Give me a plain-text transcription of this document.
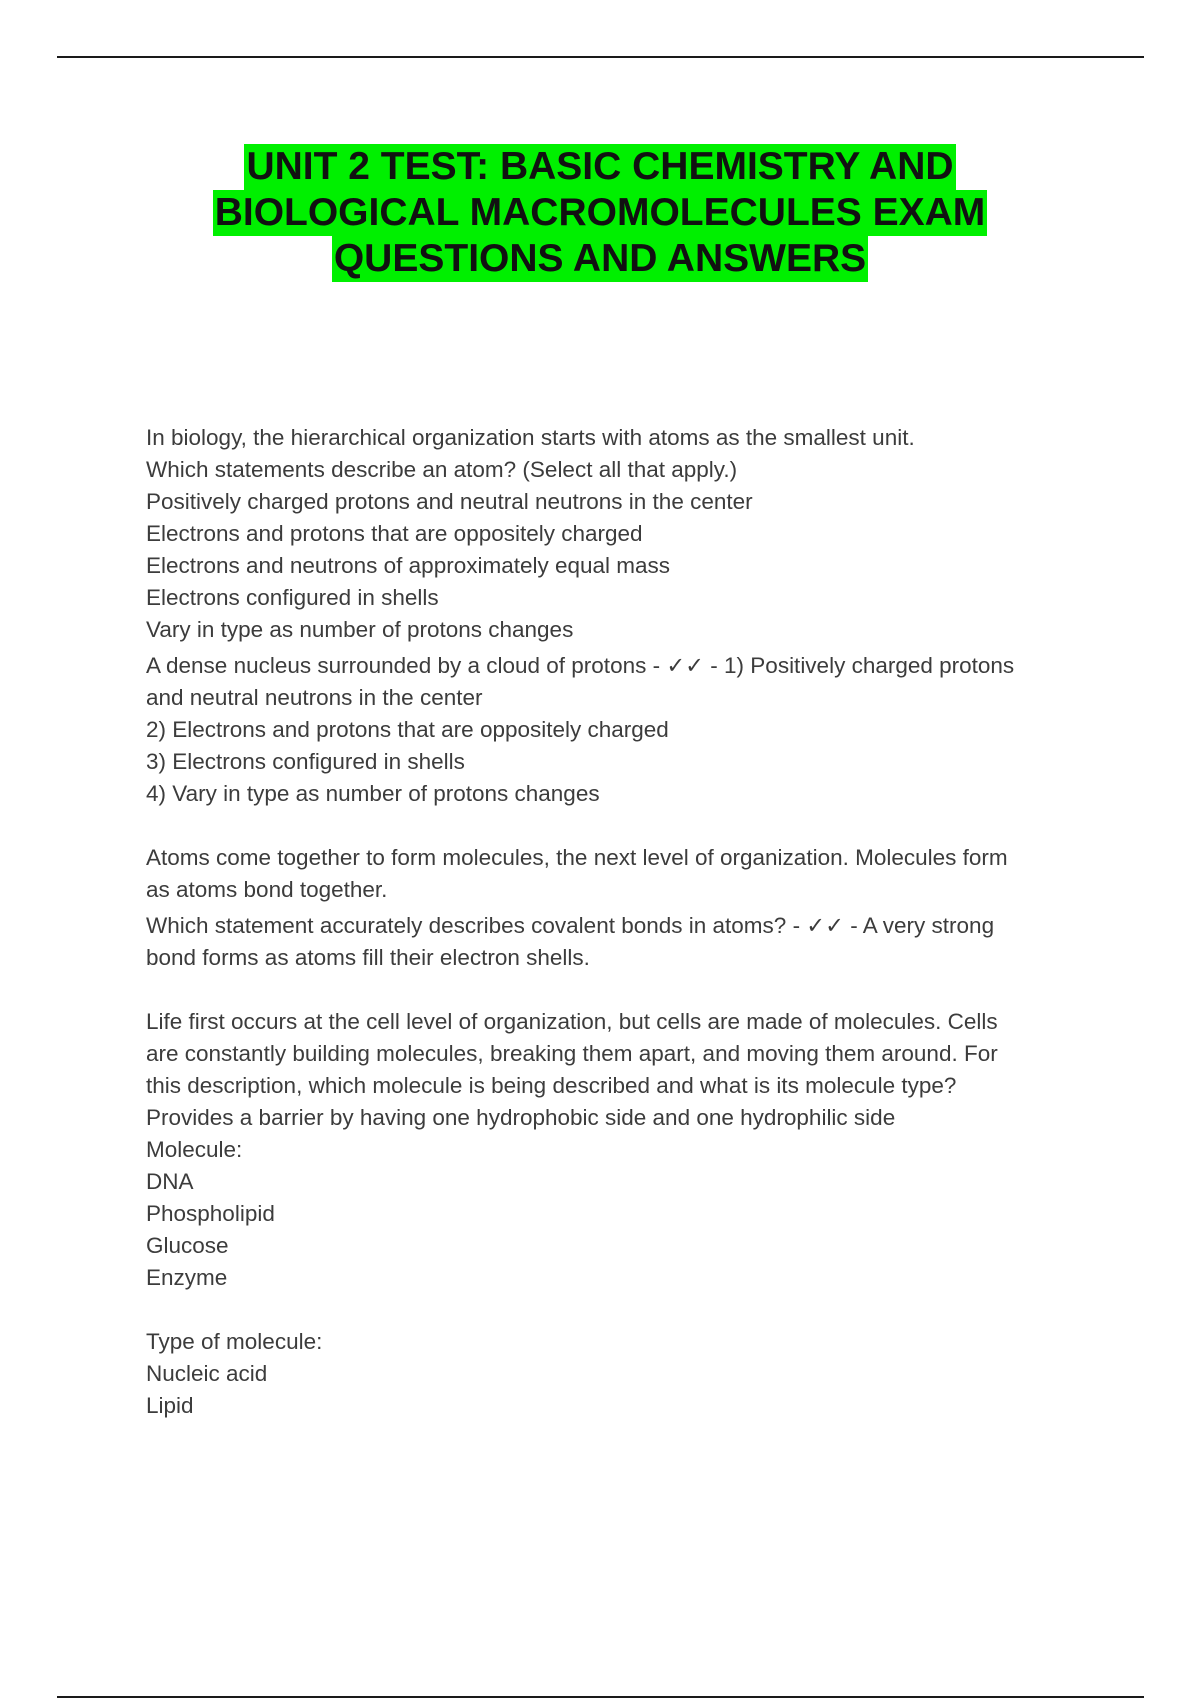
UNIT 2 TEST: BASIC CHEMISTRY AND
BIOLOGICAL MACROMOLECULES EXAM
QUESTIONS AND ANSWERS
In biology, the hierarchical organization starts with atoms as the smallest unit.
Which statements describe an atom? (Select all that apply.)
Positively charged protons and neutral neutrons in the center
Electrons and protons that are oppositely charged
Electrons and neutrons of approximately equal mass
Electrons configured in shells
Vary in type as number of protons changes
A dense nucleus surrounded by a cloud of protons - ✓✓ - 1) Positively charged protons
and neutral neutrons in the center
2) Electrons and protons that are oppositely charged
3) Electrons configured in shells
4) Vary in type as number of protons changes
Atoms come together to form molecules, the next level of organization. Molecules form
as atoms bond together.
Which statement accurately describes covalent bonds in atoms? - ✓✓ - A very strong
bond forms as atoms fill their electron shells.
Life first occurs at the cell level of organization, but cells are made of molecules. Cells
are constantly building molecules, breaking them apart, and moving them around. For
this description, which molecule is being described and what is its molecule type?
Provides a barrier by having one hydrophobic side and one hydrophilic side
Molecule:
DNA
Phospholipid
Glucose
Enzyme
Type of molecule:
Nucleic acid
Lipid
